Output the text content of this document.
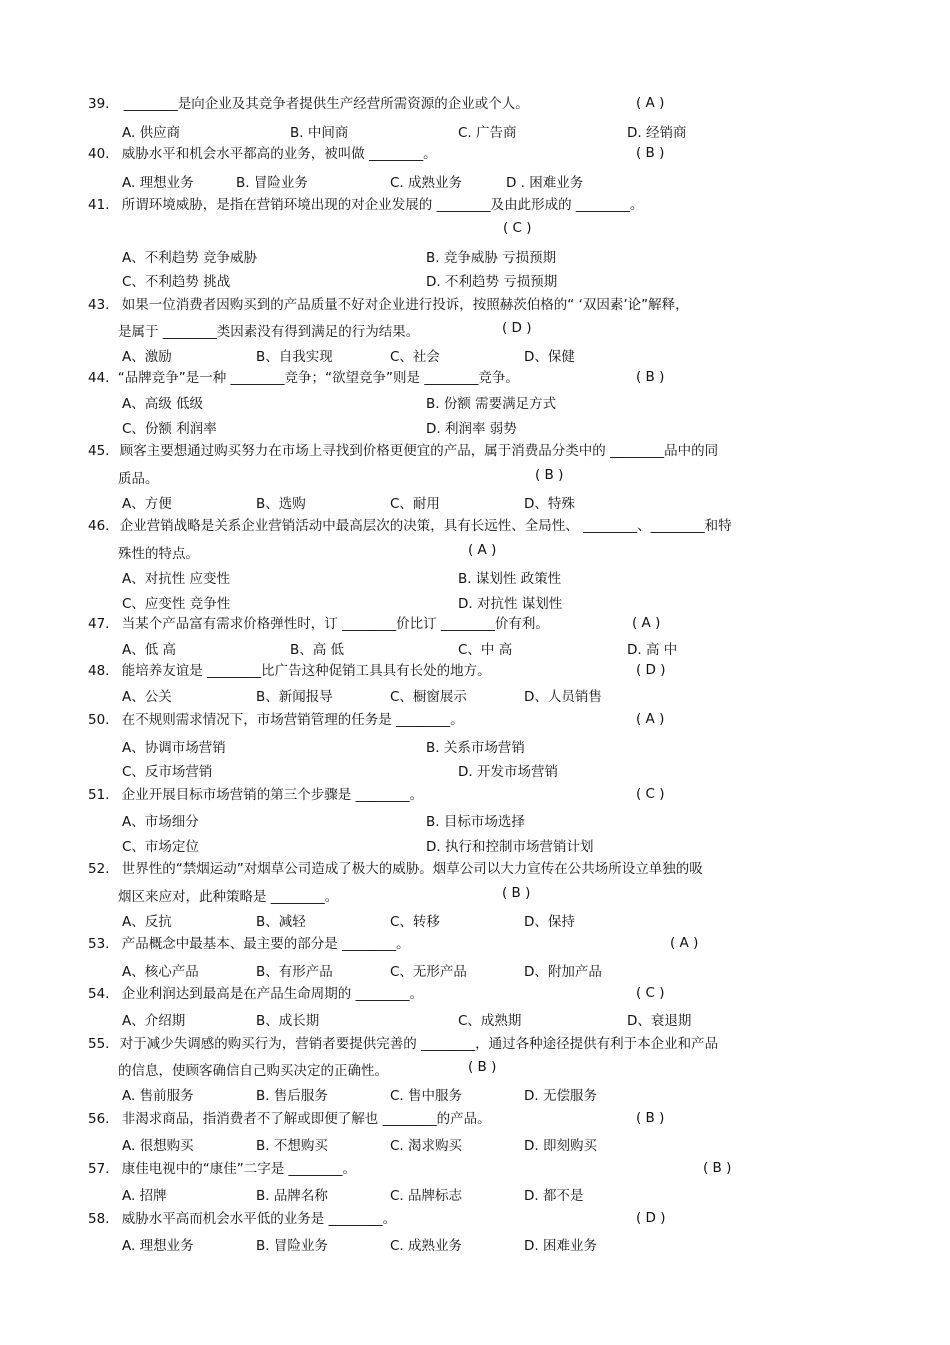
39. ________是向企业及其竞争者提供生产经营所需资源的企业或个人。	( A )
A. 供应商	B. 中间商	C. 广告商	D. 经销商
40. 威胁水平和机会水平都高的业务，被叫做 ________。	( B )
A. 理想业务	B. 冒险业务	C. 成熟业务	D . 困难业务
41. 所谓环境威胁，是指在营销环境出现的对企业发展的 ________及由此形成的 ________。
( C )
A、不利趋势 竞争威胁	B. 竞争威胁 亏损预期
C、不利趋势 挑战	D. 不利趋势 亏损预期
43. 如果一位消费者因购买到的产品质量不好对企业进行投诉，按照赫茨伯格的“ ‘双因素’论”解释，
是属于 ________类因素没有得到满足的行为结果。	( D )
A、激励	B、自我实现	C、社会	D、保健
44. “品牌竞争”是一种 ________竞争；“欲望竞争”则是 ________竞争。	( B )
A、高级 低级	B. 份额 需要满足方式
C、份额 利润率	D. 利润率 弱势
45. 顾客主要想通过购买努力在市场上寻找到价格更便宜的产品，属于消费品分类中的 ________品中的同
质品。	( B )
A、方便	B、选购	C、耐用	D、特殊
46. 企业营销战略是关系企业营销活动中最高层次的决策，具有长远性、全局性、 ________、________和特
殊性的特点。	( A )
A、对抗性 应变性	B. 谋划性 政策性
C、应变性 竞争性	D. 对抗性 谋划性
47. 当某个产品富有需求价格弹性时，订 ________价比订 ________价有利。	( A )
A、低 高	B、高 低	C、中 高	D. 高 中
48. 能培养友谊是 ________比广告这种促销工具具有长处的地方。	( D )
A、公关	B、新闻报导	C、橱窗展示	D、人员销售
50. 在不规则需求情况下，市场营销管理的任务是 ________。	( A )
A、协调市场营销	B. 关系市场营销
C、反市场营销	D. 开发市场营销
51. 企业开展目标市场营销的第三个步骤是 ________。	( C )
A、市场细分	B. 目标市场选择
C、市场定位	D. 执行和控制市场营销计划
52. 世界性的“禁烟运动”对烟草公司造成了极大的威胁。烟草公司以大力宣传在公共场所设立单独的吸
烟区来应对，此种策略是 ________。	( B )
A、反抗	B、减轻	C、转移	D、保持
53. 产品概念中最基本、最主要的部分是 ________。	( A )
A、核心产品	B、有形产品	C、无形产品	D、附加产品
54. 企业利润达到最高是在产品生命周期的 ________。	( C )
A、介绍期	B、成长期	C、成熟期	D、衰退期
55. 对于减少失调感的购买行为，营销者要提供完善的 ________，通过各种途径提供有利于本企业和产品
的信息，使顾客确信自己购买决定的正确性。	( B )
A. 售前服务	B. 售后服务	C. 售中服务	D. 无偿服务
56. 非渴求商品，指消费者不了解或即便了解也 ________的产品。	( B )
A. 很想购买	B. 不想购买	C. 渴求购买	D. 即刻购买
57. 康佳电视中的“康佳”二字是 ________。	( B )
A. 招牌	B. 品牌名称	C. 品牌标志	D. 都不是
58. 威胁水平高而机会水平低的业务是 ________。	( D )
A. 理想业务	B. 冒险业务	C. 成熟业务	D. 困难业务
